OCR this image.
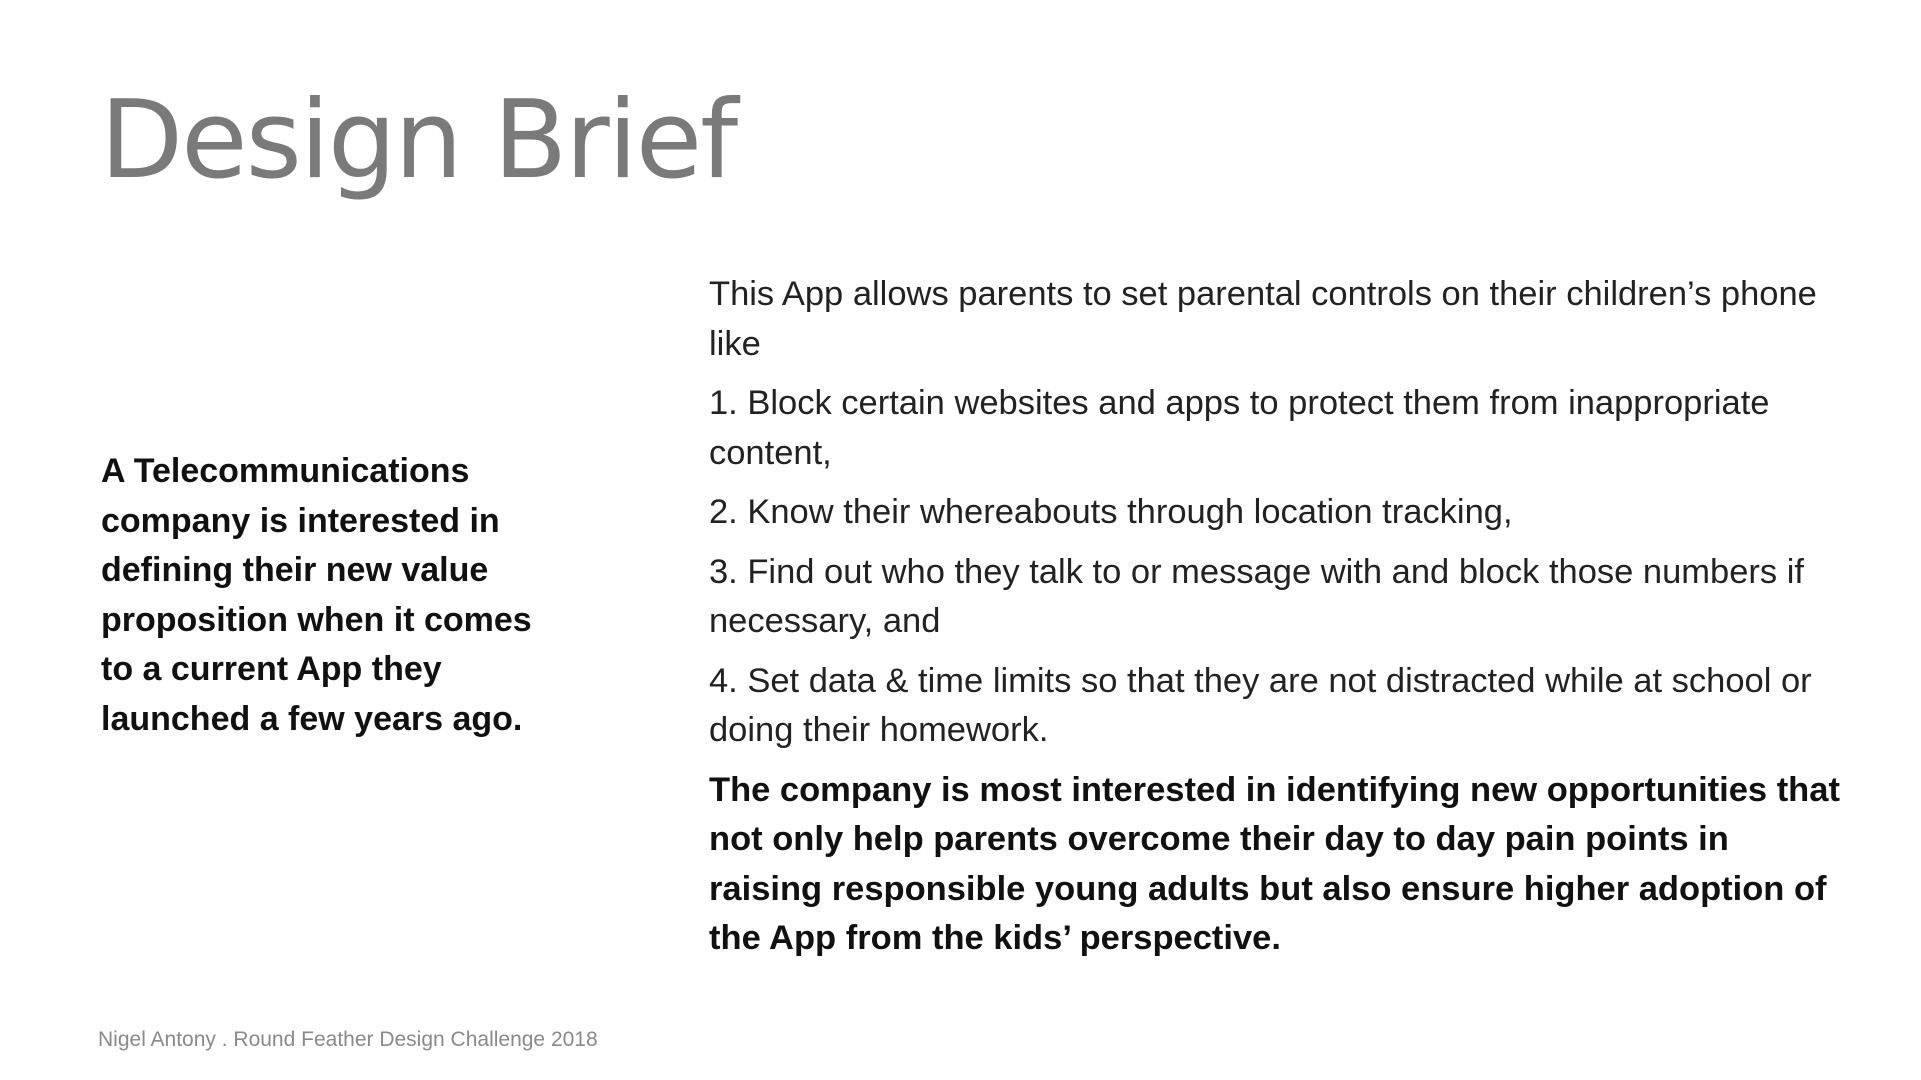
Design Brief

A Telecommunications company is interested in defining their new value proposition when it comes to a current App they launched a few years ago.

This App allows parents to set parental controls on their children’s phone like

1. Block certain websites and apps to protect them from inappropriate content,

2. Know their whereabouts through location tracking,

3. Find out who they talk to or message with and block those numbers if necessary, and

4. Set data & time limits so that they are not distracted while at school or doing their homework.

The company is most interested in identifying new opportunities that not only help parents overcome their day to day pain points in raising responsible young adults but also ensure higher adoption of the App from the kids’ perspective.

Nigel Antony . Round Feather Design Challenge 2018
